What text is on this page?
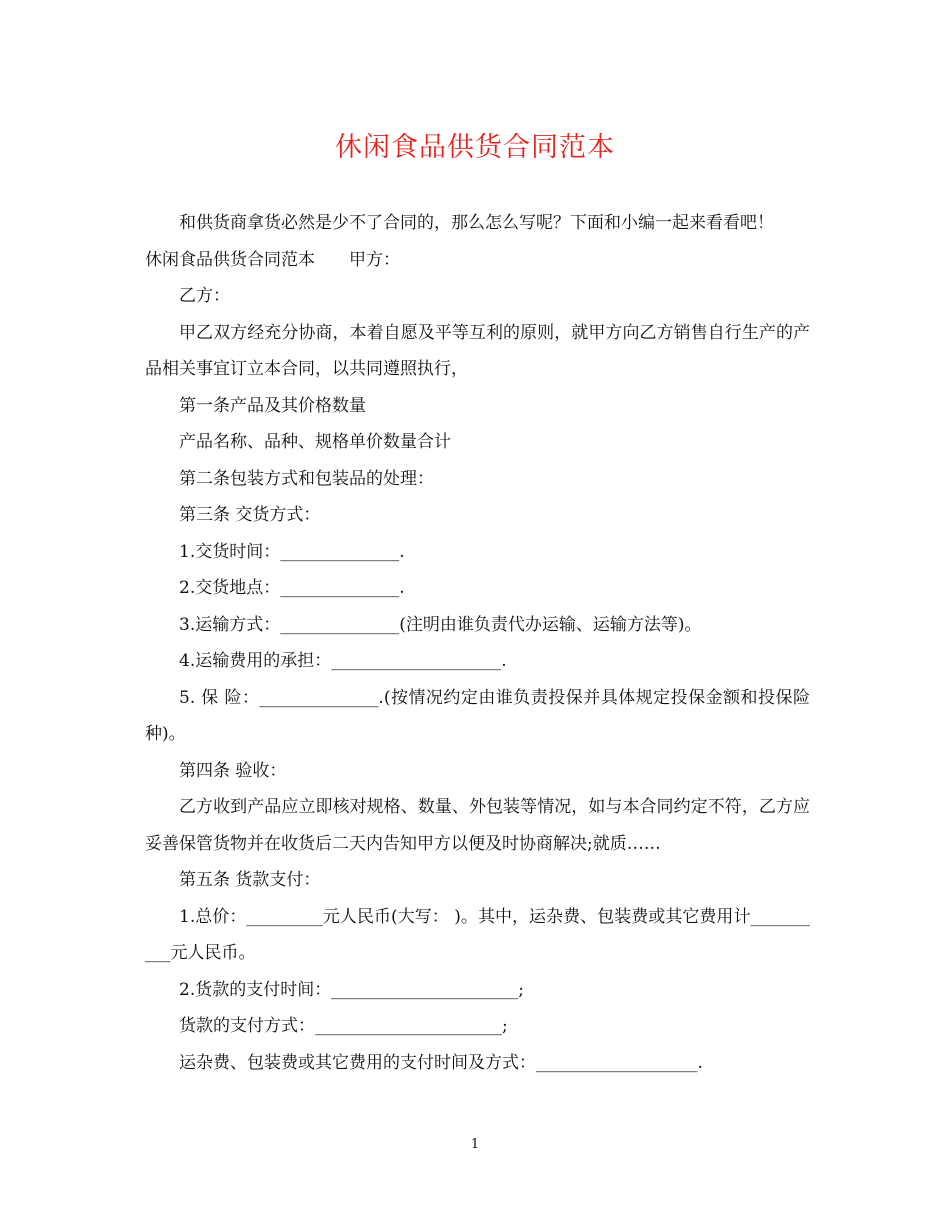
休闲食品供货合同范本

和供货商拿货必然是少不了合同的，那么怎么写呢？下面和小编一起来看看吧！

休闲食品供货合同范本　　甲方：

乙方：

甲乙双方经充分协商，本着自愿及平等互利的原则，就甲方向乙方销售自行生产的产品相关事宜订立本合同，以共同遵照执行，

第一条产品及其价格数量

产品名称、品种、规格单价数量合计

第二条包装方式和包装品的处理：

第三条 交货方式：

1.交货时间：______________.

2.交货地点：______________.

3.运输方式：______________(注明由谁负责代办运输、运输方法等)。

4.运输费用的承担：____________________.

5. 保 险：______________.(按情况约定由谁负责投保并具体规定投保金额和投保险种)。

第四条 验收：

乙方收到产品应立即核对规格、数量、外包装等情况，如与本合同约定不符，乙方应妥善保管货物并在收货后二天内告知甲方以便及时协商解决;就质……

第五条 货款支付：

1.总价：_________元人民币(大写： )。其中，运杂费、包装费或其它费用计__________元人民币。

2.货款的支付时间：______________________;

货款的支付方式：______________________;

运杂费、包装费或其它费用的支付时间及方式：___________________.

1
